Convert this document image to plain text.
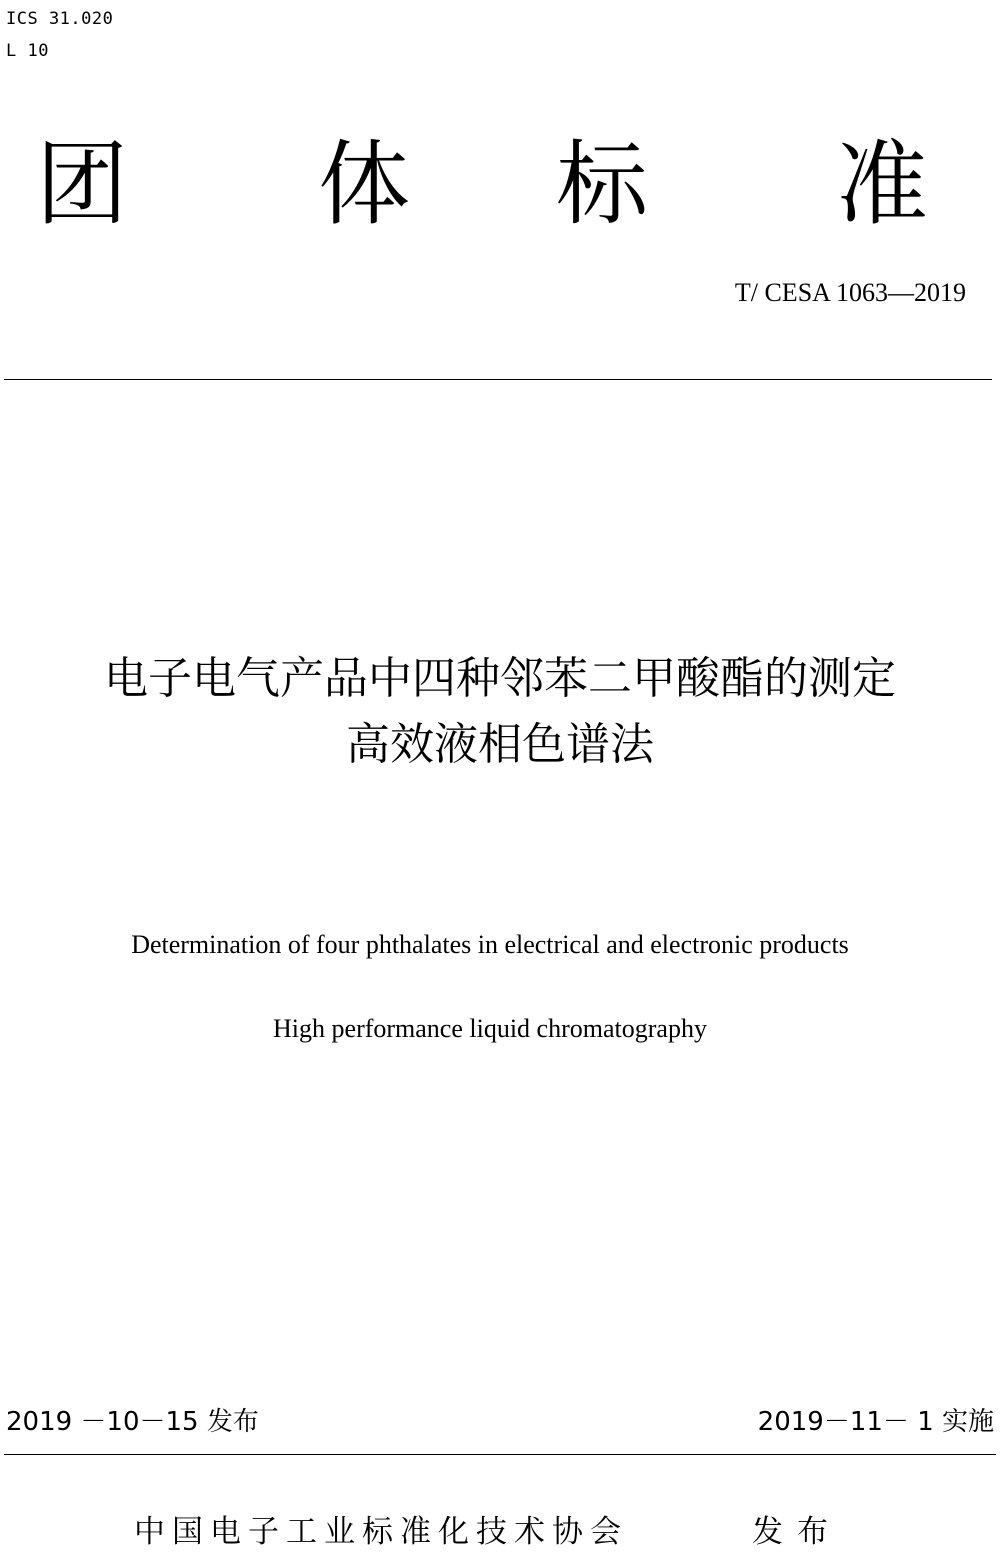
ICS 31.020
L 10
团 体 标 准
T/ CESA 1063—2019
电子电气产品中四种邻苯二甲酸酯的测定
高效液相色谱法
Determination of four phthalates in electrical and electronic products
High performance liquid chromatography
2019 －10－15 发布	2019－11－ 1 实施
中国电子工业标准化技术协会	发布
